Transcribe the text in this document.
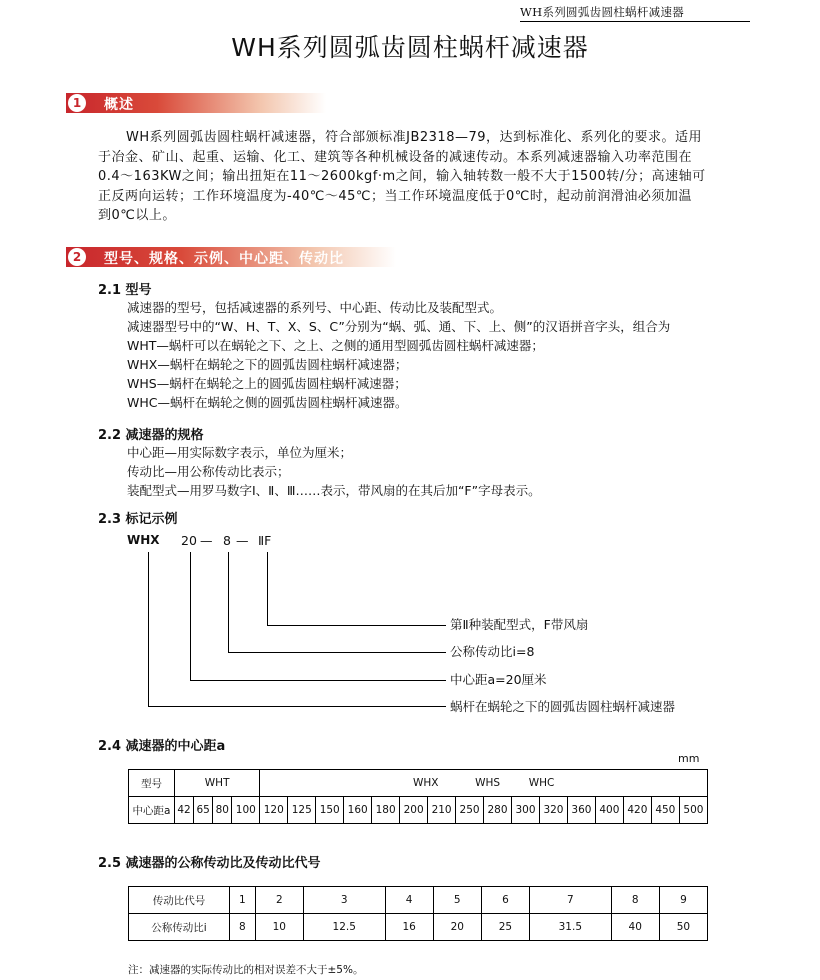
WH系列圆弧齿圆柱蜗杆减速器
WH系列圆弧齿圆柱蜗杆减速器
1	概述
WH系列圆弧齿圆柱蜗杆减速器，符合部颁标准JB2318—79，达到标准化、系列化的要求。适用
于冶金、矿山、起重、运输、化工、建筑等各种机械设备的减速传动。本系列减速器输入功率范围在
0.4～163KW之间；输出扭矩在11～2600kgf·m之间，输入轴转数一般不大于1500转/分；高速轴可
正反两向运转；工作环境温度为-40℃～45℃；当工作环境温度低于0℃时，起动前润滑油必须加温
到0℃以上。
2	型号、规格、示例、中心距、传动比
2.1 型号
减速器的型号，包括减速器的系列号、中心距、传动比及装配型式。
减速器型号中的“W、H、T、X、S、C”分别为“蜗、弧、通、下、上、侧”的汉语拼音字头，组合为
WHT—蜗杆可以在蜗轮之下、之上、之侧的通用型圆弧齿圆柱蜗杆减速器；
WHX—蜗杆在蜗轮之下的圆弧齿圆柱蜗杆减速器；
WHS—蜗杆在蜗轮之上的圆弧齿圆柱蜗杆减速器；
WHC—蜗杆在蜗轮之侧的圆弧齿圆柱蜗杆减速器。
2.2 减速器的规格
中心距—用实际数字表示，单位为厘米；
传动比—用公称传动比表示；
装配型式—用罗马数字Ⅰ、Ⅱ、Ⅲ……表示，带风扇的在其后加“F”字母表示。
2.3 标记示例
WHX 20 — 8 — ⅡF
第Ⅱ种装配型式，F带风扇
公称传动比i=8
中心距a=20厘米
蜗杆在蜗轮之下的圆弧齿圆柱蜗杆减速器
2.4 减速器的中心距a
mm
型号	WHT				WHX WHS WHC															
中心距a	42	65	80	100	120	125	150	160	180	200	210	250	280	300	320	360	400	420	450	500
2.5 减速器的公称传动比及传动比代号
传动比代号	1	2	3	4	5	6	7	8	9
公称传动比i	8	10	12.5	16	20	25	31.5	40	50
注：减速器的实际传动比的相对误差不大于±5%。
